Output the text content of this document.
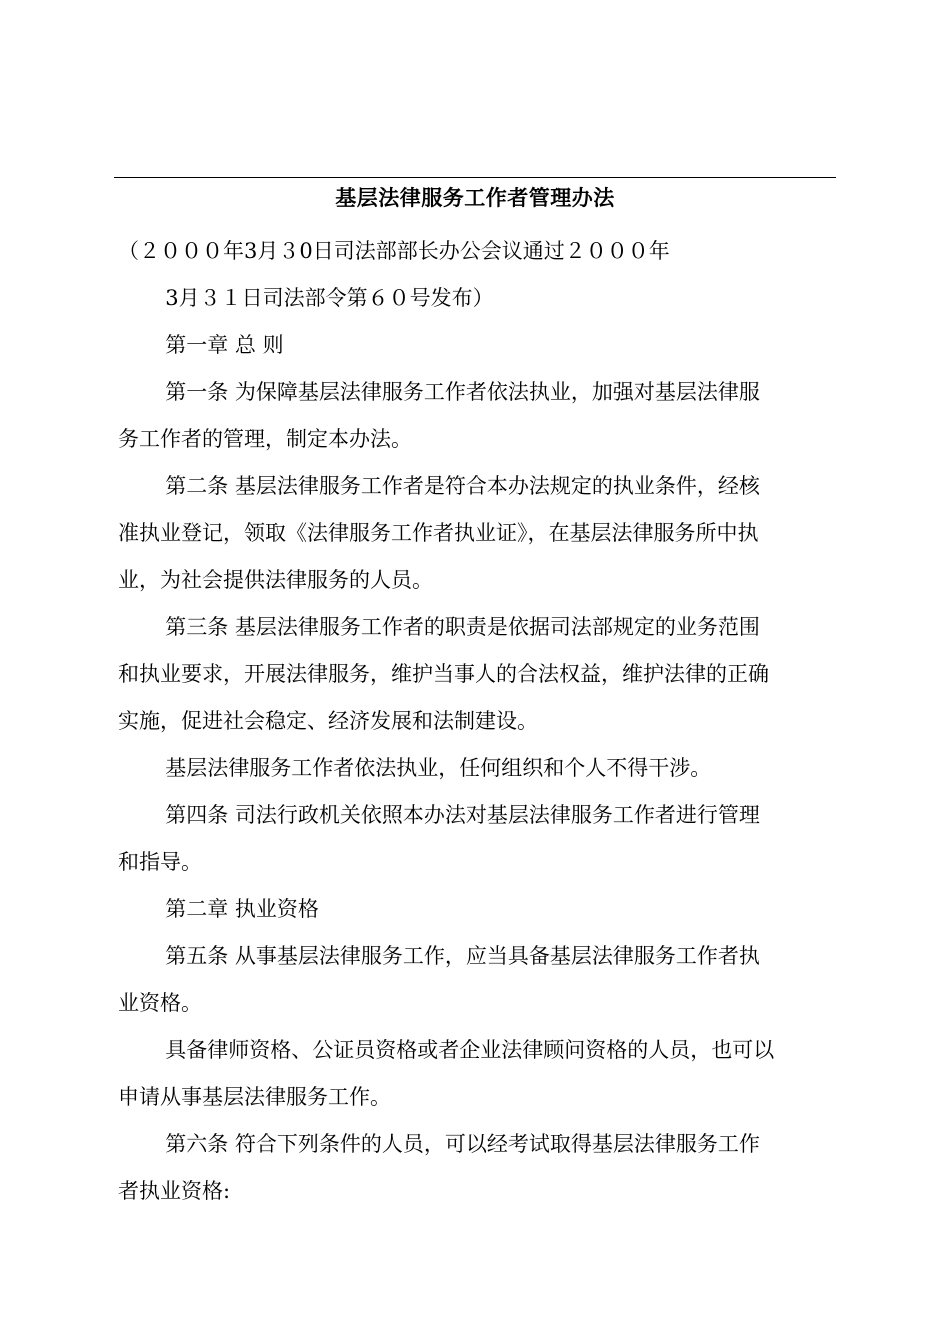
基层法律服务工作者管理办法

（２０００年3月３0日司法部部长办公会议通过２０００年

3月３１日司法部令第６０号发布）

第一章 总 则

第一条 为保障基层法律服务工作者依法执业，加强对基层法律服

务工作者的管理，制定本办法。

第二条 基层法律服务工作者是符合本办法规定的执业条件，经核

准执业登记，领取《法律服务工作者执业证》，在基层法律服务所中执

业，为社会提供法律服务的人员。

第三条 基层法律服务工作者的职责是依据司法部规定的业务范围

和执业要求，开展法律服务，维护当事人的合法权益，维护法律的正确

实施，促进社会稳定、经济发展和法制建设。

基层法律服务工作者依法执业，任何组织和个人不得干涉。

第四条 司法行政机关依照本办法对基层法律服务工作者进行管理

和指导。

第二章 执业资格

第五条 从事基层法律服务工作，应当具备基层法律服务工作者执

业资格。

具备律师资格、公证员资格或者企业法律顾问资格的人员，也可以

申请从事基层法律服务工作。

第六条 符合下列条件的人员，可以经考试取得基层法律服务工作

者执业资格:
